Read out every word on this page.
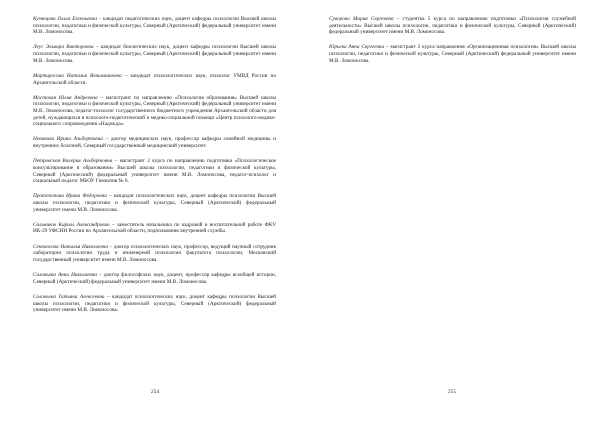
Кузнецова Ольга Евгеньевна – кандидат педагогических наук, доцент кафедры психологии Высшей школы психологии, педагогики и физической культуры, Северный (Арктический) федеральный университет имени М.В. Ломоносова.

Леус Эльвира Викторовна – кандидат биологических наук, доцент кафедры психологии Высшей школы психологии, педагогики и физической культуры, Северный (Арктический) федеральный университет имени М.В. Ломоносова.

Мартиросова Наталья Веньяминовна – кандидат психологических наук, психолог УМВД России по Архангельской области.

Мостовая Юлия Андреевна – магистрант по направлению «Психология образования» Высшей школы психологии, педагогики и физической культуры, Северный (Арктический) федеральный университет имени М.В. Ломоносова, педагог-психолог государственного бюджетного учреждения Архангельской области для детей, нуждающихся в психолого-педагогической и медико-социальной помощи «Центр психолого-медико-социального сопровождения «Надежда».

Новикова Ирина Альбертовна – доктор медицинских наук, профессор кафедры семейной медицины и внутренних болезней, Северный государственный медицинский университет.

Петровская Валерия Альбертовна – магистрант 2 курса по направлению подготовки «Психологическое консультирование в образовании» Высшей школы психологии, педагогики и физической культуры, Северный (Арктический) федеральный университет имени М.В. Ломоносова, педагог-психолог и социальный педагог МБОУ Гимназия № 6.

Протопопова Ирина Федоровна – кандидат психологических наук, доцент кафедры психологии Высшей школы психологии, педагогики и физической культуры, Северный (Арктический) федеральный университет имени М.В. Ломоносова.

Сальников Кирилл Александрович – заместитель начальника по кадровой и воспитательной работе ФКУ ИК-29 УФСИН России по Архангельской области, подполковник внутренней службы.

Сенокосова Наталья Николаевна – доктор психологических наук, профессор, ведущий научный сотрудник лаборатории психологии труда и инженерной психологии факультета психологии, Московский государственный университет имени М.В. Ломоносова.

Соловьева Анна Николаевна – доктор философских наук, доцент, профессор кафедры всеобщей истории, Северный (Арктический) федеральный университет имени М.В. Ломоносова.

Соловьева Татьяна Алексеевна – кандидат психологических наук, доцент кафедры психологии Высшей школы психологии, педагогики и физической культуры, Северный (Арктический) федеральный университет имени М.В. Ломоносова.

254

Суворова Мария Сергеевна – студентка 5 курса по направлению подготовки «Психология служебной деятельности» Высшей школы психологии, педагогики и физической культуры, Северный (Арктический) федеральный университет имени М.В. Ломоносова.

Юрьева Анна Сергеевна – магистрант 2 курса направления «Организационная психология» Высшей школы психологии, педагогики и физической культуры, Северный (Арктический) федеральный университет имени М.В. Ломоносова.

255
